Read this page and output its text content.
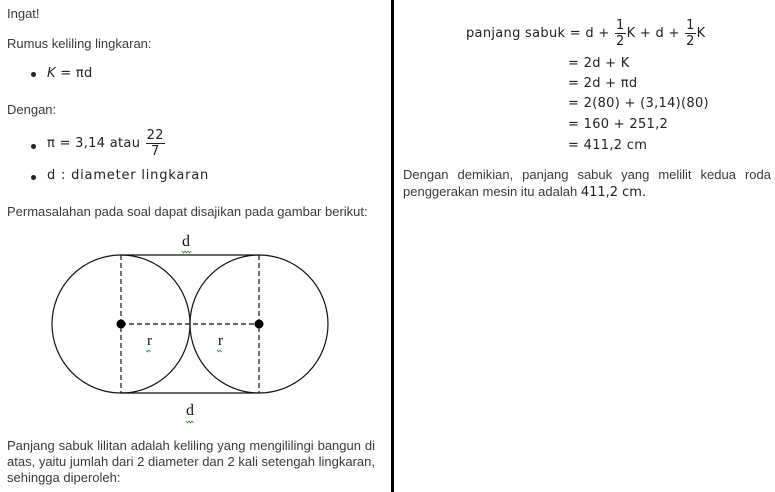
Ingat!
Rumus keliling lingkaran:
K = πd
Dengan:
π = 3,14 atau $\frac{22}{7}$
d : diameter lingkaran
Permasalahan pada soal dapat disajikan pada gambar berikut:
d
d
r	r
Panjang sabuk lilitan adalah keliling yang mengililingi bangun di atas, yaitu jumlah dari 2 diameter dan 2 kali setengah lingkaran, sehingga diperoleh:
panjang sabuk = $d + \frac{1}{2}$ $K + d + \frac{1}{2}$ K
= 2d + K
= 2d + πd
= 2(80) + (3,14)(80)
= 160 + 251,2
= 411,2 cm
Dengan demikian, panjang sabuk yang melilit kedua roda
penggerakan mesin itu adalah 411,2 cm.
